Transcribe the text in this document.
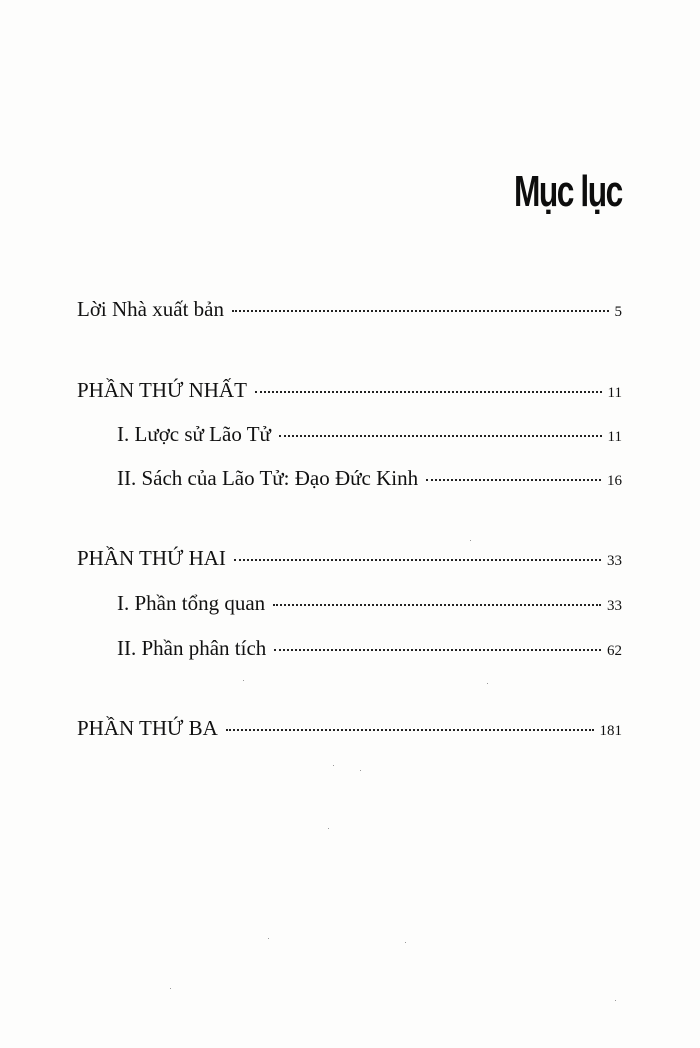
Mục lục
Lời Nhà xuất bản	5
PHẦN THỨ NHẤT	11
I. Lược sử Lão Tử	11
II. Sách của Lão Tử: Đạo Đức Kinh	16
PHẦN THỨ HAI	33
I. Phần tổng quan	33
II. Phần phân tích	62
PHẦN THỨ BA	181
